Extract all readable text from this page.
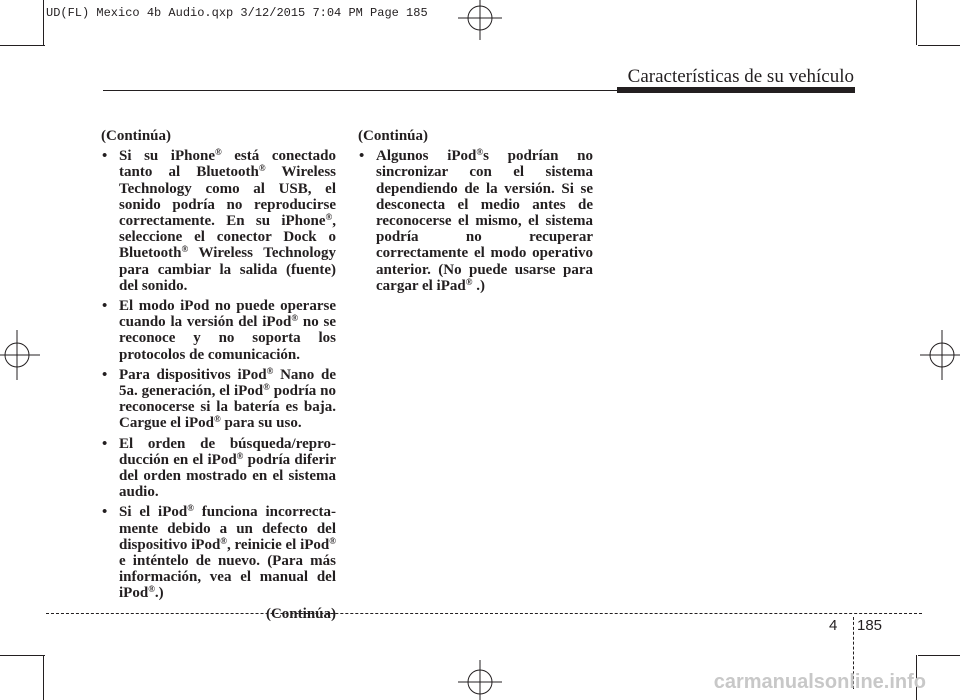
UD(FL) Mexico 4b Audio.qxp 3/12/2015 7:04 PM Page 185
Características de su vehículo
(Continúa)
• Si su iPhone® está conectado tanto al Bluetooth® Wireless Technology como al USB, el sonido podría no reproducirse correctamente. En su iPhone®, seleccione el conector Dock o Bluetooth® Wireless Technology para cambiar la salida (fuente) del sonido.
• El modo iPod no puede operarse cuando la versión del iPod® no se reconoce y no soporta los protocolos de comunicación.
• Para dispositivos iPod® Nano de 5a. generación, el iPod® podría no reconocerse si la batería es baja. Cargue el iPod® para su uso.
• El orden de búsqueda/reproducción en el iPod® podría diferir del orden mostrado en el sistema audio.
• Si el iPod® funciona incorrectamente debido a un defecto del dispositivo iPod®, reinicie el iPod® e inténtelo de nuevo. (Para más información, vea el manual del iPod®.)
(Continúa)
(Continúa)
• Algunos iPod®s podrían no sincronizar con el sistema dependiendo de la versión. Si se desconecta el medio antes de reconocerse el mismo, el sistema podría no recuperar correctamente el modo operativo anterior. (No puede usarse para cargar el iPad® .)
4 185
carmanualsonline.info
